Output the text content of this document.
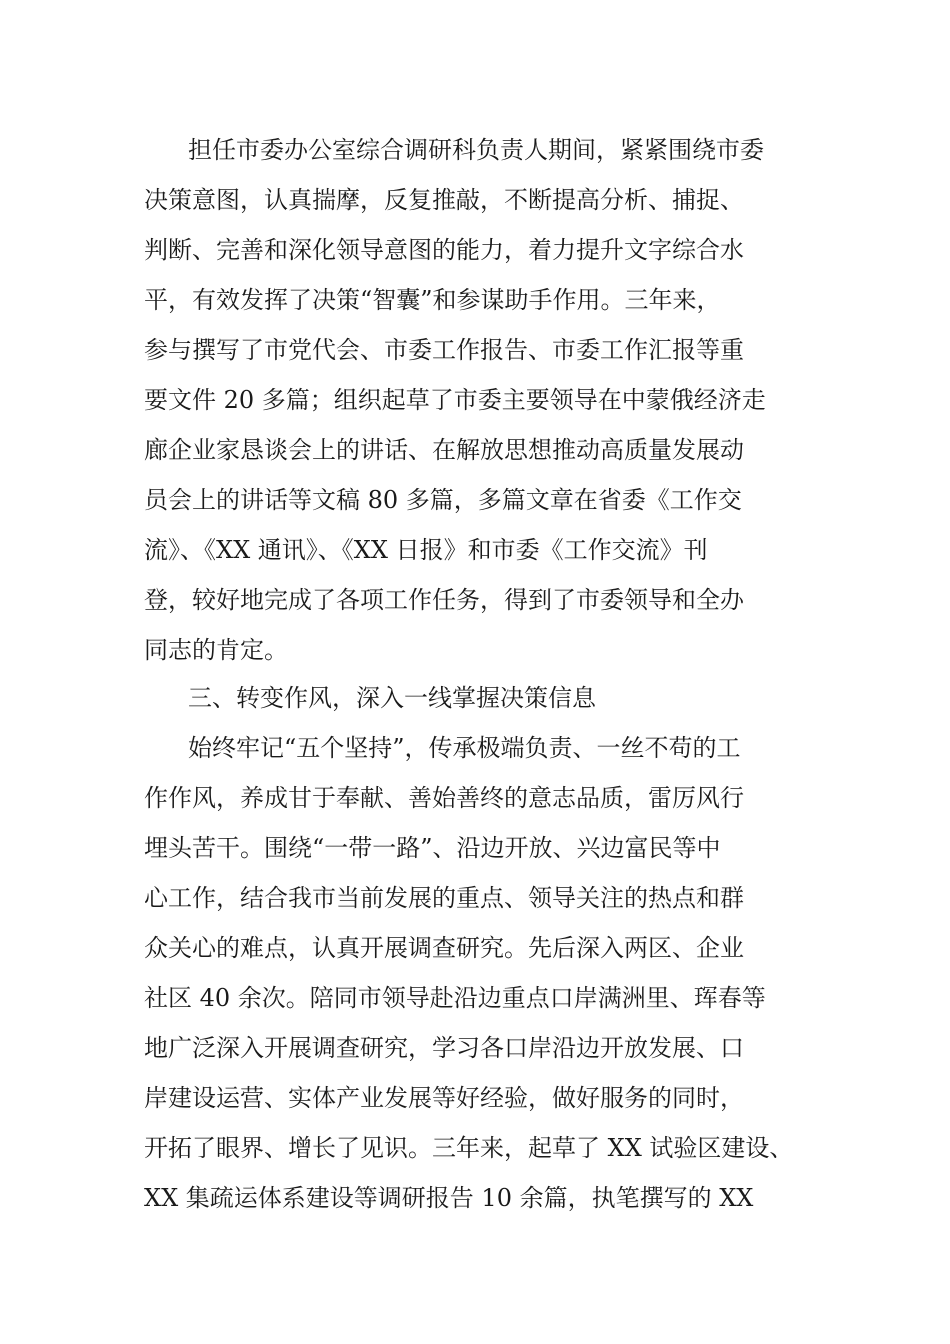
担任市委办公室综合调研科负责人期间，紧紧围绕市委

决策意图，认真揣摩，反复推敲，不断提高分析、捕捉、

判断、完善和深化领导意图的能力，着力提升文字综合水

平，有效发挥了决策“智囊”和参谋助手作用。三年来，

参与撰写了市党代会、市委工作报告、市委工作汇报等重

要文件 20 多篇；组织起草了市委主要领导在中蒙俄经济走

廊企业家恳谈会上的讲话、在解放思想推动高质量发展动

员会上的讲话等文稿 80 多篇，多篇文章在省委《工作交

流》、《XX 通讯》、《XX 日报》和市委《工作交流》刊

登，较好地完成了各项工作任务，得到了市委领导和全办

同志的肯定。

三、转变作风，深入一线掌握决策信息

始终牢记“五个坚持”，传承极端负责、一丝不苟的工

作作风，养成甘于奉献、善始善终的意志品质，雷厉风行

埋头苦干。围绕“一带一路”、沿边开放、兴边富民等中

心工作，结合我市当前发展的重点、领导关注的热点和群

众关心的难点，认真开展调查研究。先后深入两区、企业

社区 40 余次。陪同市领导赴沿边重点口岸满洲里、珲春等

地广泛深入开展调查研究，学习各口岸沿边开放发展、口

岸建设运营、实体产业发展等好经验，做好服务的同时，

开拓了眼界、增长了见识。三年来，起草了 XX 试验区建设、

XX 集疏运体系建设等调研报告 10 余篇，执笔撰写的 XX
